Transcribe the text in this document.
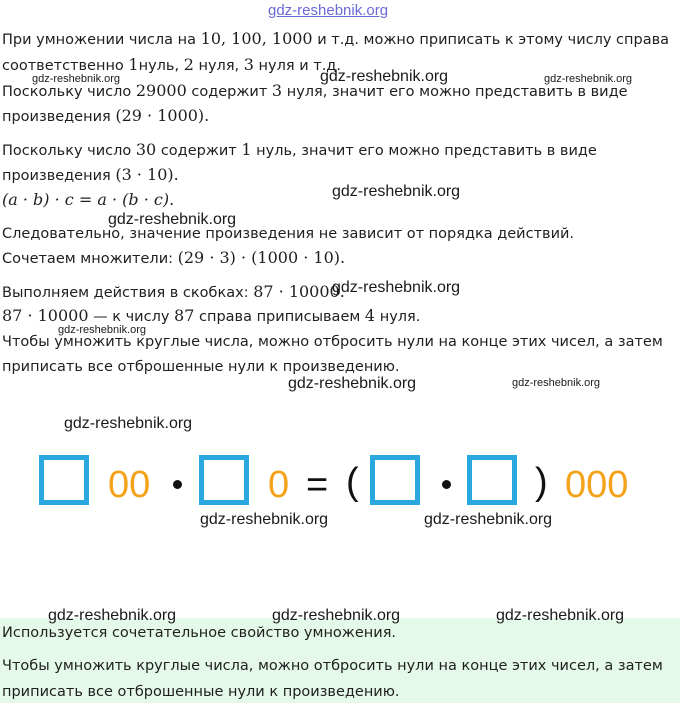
gdz-reshebnik.org
При умножении числа на 10, 100, 1000 и т.д. можно приписать к этому числу справа
соответственно 1нуль, 2 нуля, 3 нуля и т.д.
Поскольку число 29000 содержит 3 нуля, значит его можно представить в виде
произведения (29 · 1000).
Поскольку число 30 содержит 1 нуль, значит его можно представить в виде
произведения (3 · 10).
(a · b) · c = a · (b · c).
Следовательно, значение произведения не зависит от порядка действий.
Сочетаем множители: (29 · 3) · (1000 · 10).
Выполняем действия в скобках: 87 · 10000.
87 · 10000 — к числу 87 справа приписываем 4 нуля.
Чтобы умножить круглые числа, можно отбросить нули на конце этих чисел, а затем
приписать все отброшенные нули к произведению.
00	0 = (	) 000
Используется сочетательное свойство умножения.
Чтобы умножить круглые числа, можно отбросить нули на конце этих чисел, а затем
приписать все отброшенные нули к произведению.
gdz-reshebnik.org	gdz-reshebnik.org	gdz-reshebnik.org
gdz-reshebnik.org
gdz-reshebnik.org
gdz-reshebnik.org
gdz-reshebnik.org
gdz-reshebnik.org	gdz-reshebnik.org
gdz-reshebnik.org
gdz-reshebnik.org	gdz-reshebnik.org
gdz-reshebnik.org	gdz-reshebnik.org	gdz-reshebnik.org
